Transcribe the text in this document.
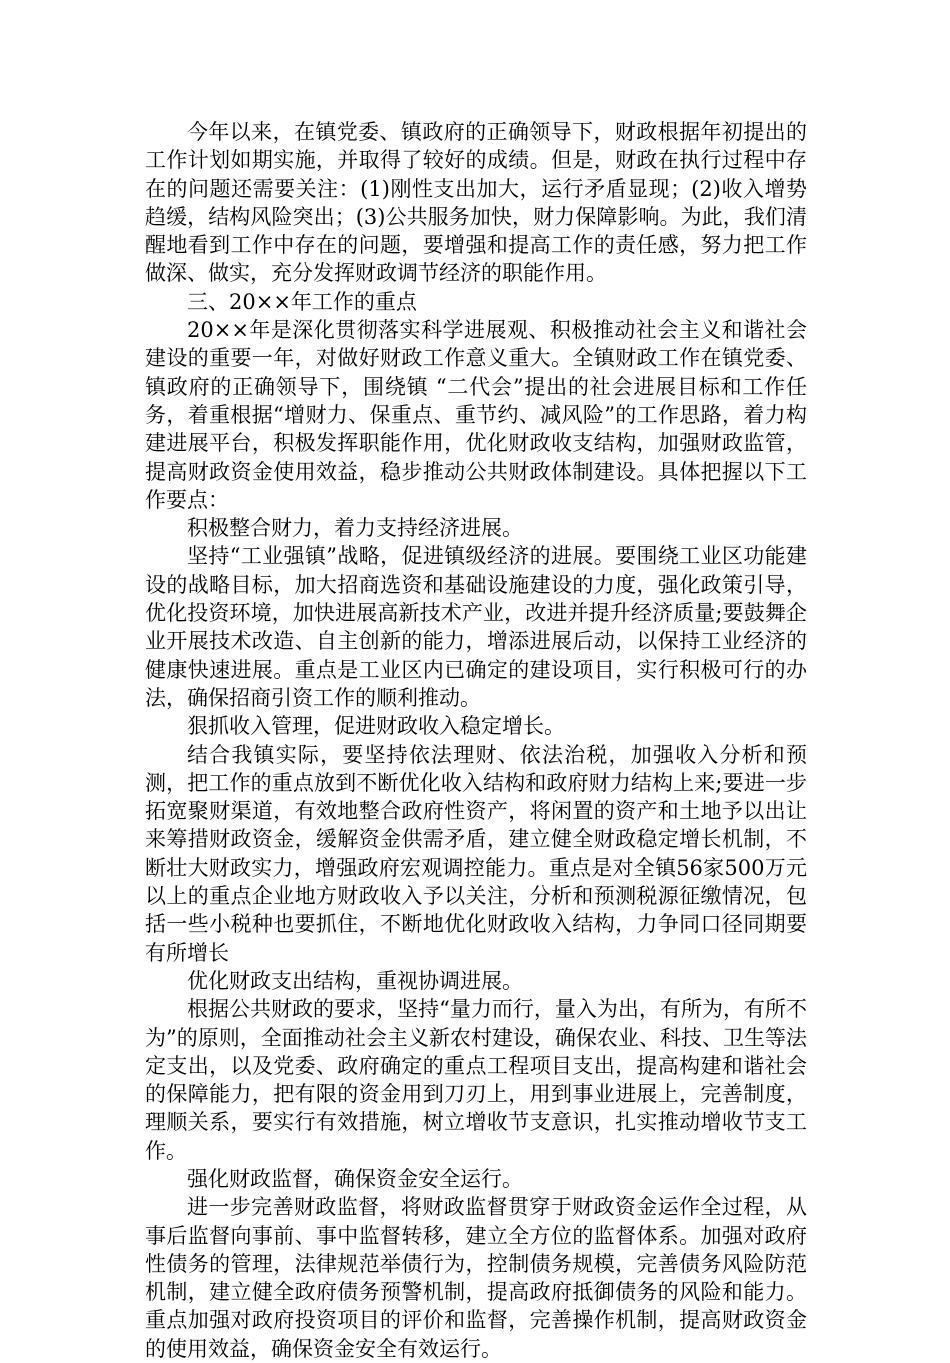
今年以来，在镇党委、镇政府的正确领导下，财政根据年初提出的工作计划如期实施，并取得了较好的成绩。但是，财政在执行过程中存在的问题还需要关注：(1)刚性支出加大，运行矛盾显现；(2)收入增势趋缓，结构风险突出；(3)公共服务加快，财力保障影响。为此，我们清醒地看到工作中存在的问题，要增强和提高工作的责任感，努力把工作做深、做实，充分发挥财政调节经济的职能作用。

三、20××年工作的重点

20××年是深化贯彻落实科学进展观、积极推动社会主义和谐社会建设的重要一年，对做好财政工作意义重大。全镇财政工作在镇党委、镇政府的正确领导下，围绕镇 “二代会”提出的社会进展目标和工作任务，着重根据“增财力、保重点、重节约、减风险”的工作思路，着力构建进展平台，积极发挥职能作用，优化财政收支结构，加强财政监管，提高财政资金使用效益，稳步推动公共财政体制建设。具体把握以下工作要点：

积极整合财力，着力支持经济进展。

坚持“工业强镇”战略，促进镇级经济的进展。要围绕工业区功能建设的战略目标，加大招商选资和基础设施建设的力度，强化政策引导，优化投资环境，加快进展高新技术产业，改进并提升经济质量;要鼓舞企业开展技术改造、自主创新的能力，增添进展后动，以保持工业经济的健康快速进展。重点是工业区内已确定的建设项目，实行积极可行的办法，确保招商引资工作的顺利推动。

狠抓收入管理，促进财政收入稳定增长。

结合我镇实际，要坚持依法理财、依法治税，加强收入分析和预测，把工作的重点放到不断优化收入结构和政府财力结构上来;要进一步拓宽聚财渠道，有效地整合政府性资产，将闲置的资产和土地予以出让来筹措财政资金，缓解资金供需矛盾，建立健全财政稳定增长机制，不断壮大财政实力，增强政府宏观调控能力。重点是对全镇56家500万元以上的重点企业地方财政收入予以关注，分析和预测税源征缴情况，包括一些小税种也要抓住，不断地优化财政收入结构，力争同口径同期要有所增长

优化财政支出结构，重视协调进展。

根据公共财政的要求，坚持“量力而行，量入为出，有所为，有所不为”的原则，全面推动社会主义新农村建设，确保农业、科技、卫生等法定支出，以及党委、政府确定的重点工程项目支出，提高构建和谐社会的保障能力，把有限的资金用到刀刃上，用到事业进展上，完善制度，理顺关系，要实行有效措施，树立增收节支意识，扎实推动增收节支工作。

强化财政监督，确保资金安全运行。

进一步完善财政监督，将财政监督贯穿于财政资金运作全过程，从事后监督向事前、事中监督转移，建立全方位的监督体系。加强对政府性债务的管理，法律规范举债行为，控制债务规模，完善债务风险防范机制，建立健全政府债务预警机制，提高政府抵御债务的风险和能力。重点加强对政府投资项目的评价和监督，完善操作机制，提高财政资金的使用效益，确保资金安全有效运行。
